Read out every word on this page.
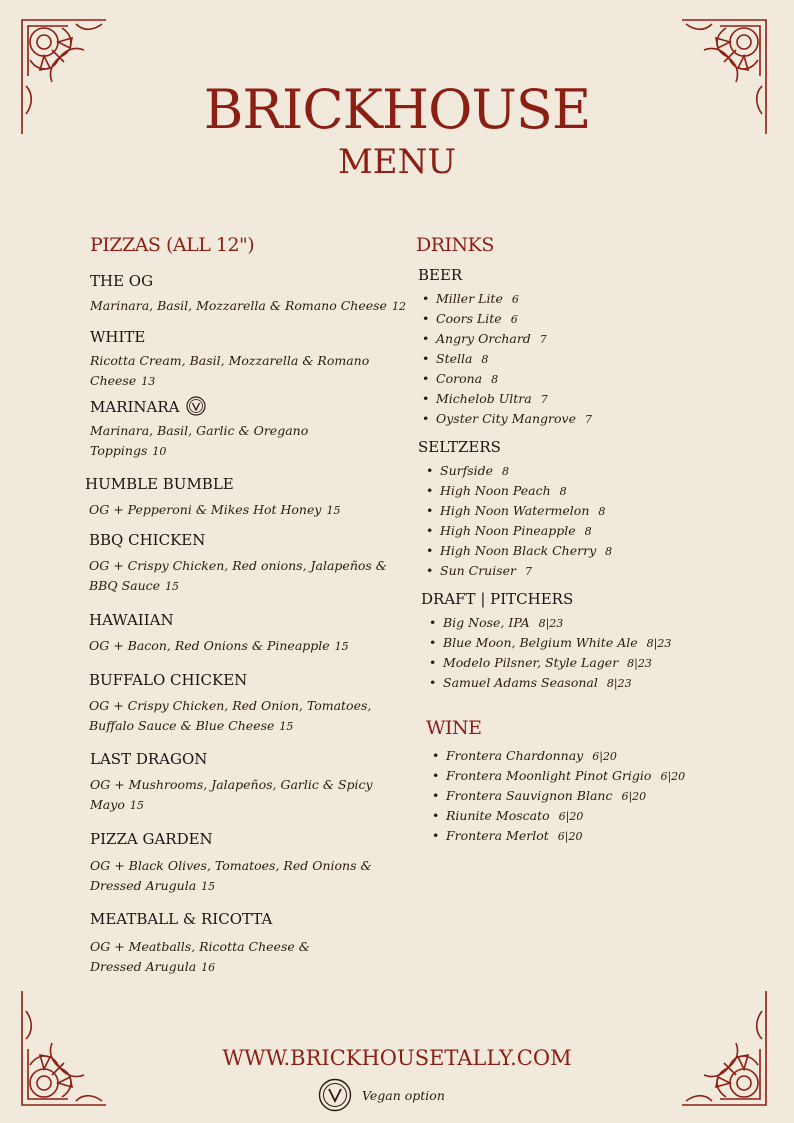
BRICKHOUSE
MENU
PIZZAS (ALL 12")
THE OG
Marinara, Basil, Mozzarella & Romano Cheese 12
WHITE
Ricotta Cream, Basil, Mozzarella & Romano Cheese 13
MARINARA
Marinara, Basil, Garlic & Oregano Toppings 10
HUMBLE BUMBLE
OG + Pepperoni & Mikes Hot Honey 15
BBQ CHICKEN
OG + Crispy Chicken, Red onions, Jalapeños & BBQ Sauce 15
HAWAIIAN
OG + Bacon, Red Onions & Pineapple 15
BUFFALO CHICKEN
OG + Crispy Chicken, Red Onion, Tomatoes, Buffalo Sauce & Blue Cheese 15
LAST DRAGON
OG + Mushrooms, Jalapeños, Garlic & Spicy Mayo 15
PIZZA GARDEN
OG + Black Olives, Tomatoes, Red Onions & Dressed Arugula 15
MEATBALL & RICOTTA
OG + Meatballs, Ricotta Cheese & Dressed Arugula 16
DRINKS
BEER
• Miller Lite 6
• Coors Lite 6
• Angry Orchard 7
• Stella 8
• Corona 8
• Michelob Ultra 7
• Oyster City Mangrove 7
SELTZERS
• Surfside 8
• High Noon Peach 8
• High Noon Watermelon 8
• High Noon Pineapple 8
• High Noon Black Cherry 8
• Sun Cruiser 7
DRAFT | PITCHERS
• Big Nose, IPA 8|23
• Blue Moon, Belgium White Ale 8|23
• Modelo Pilsner, Style Lager 8|23
• Samuel Adams Seasonal 8|23
WINE
• Frontera Chardonnay 6|20
• Frontera Moonlight Pinot Grigio 6|20
• Frontera Sauvignon Blanc 6|20
• Riunite Moscato 6|20
• Frontera Merlot 6|20
WWW.BRICKHOUSETALLY.COM
Vegan option
